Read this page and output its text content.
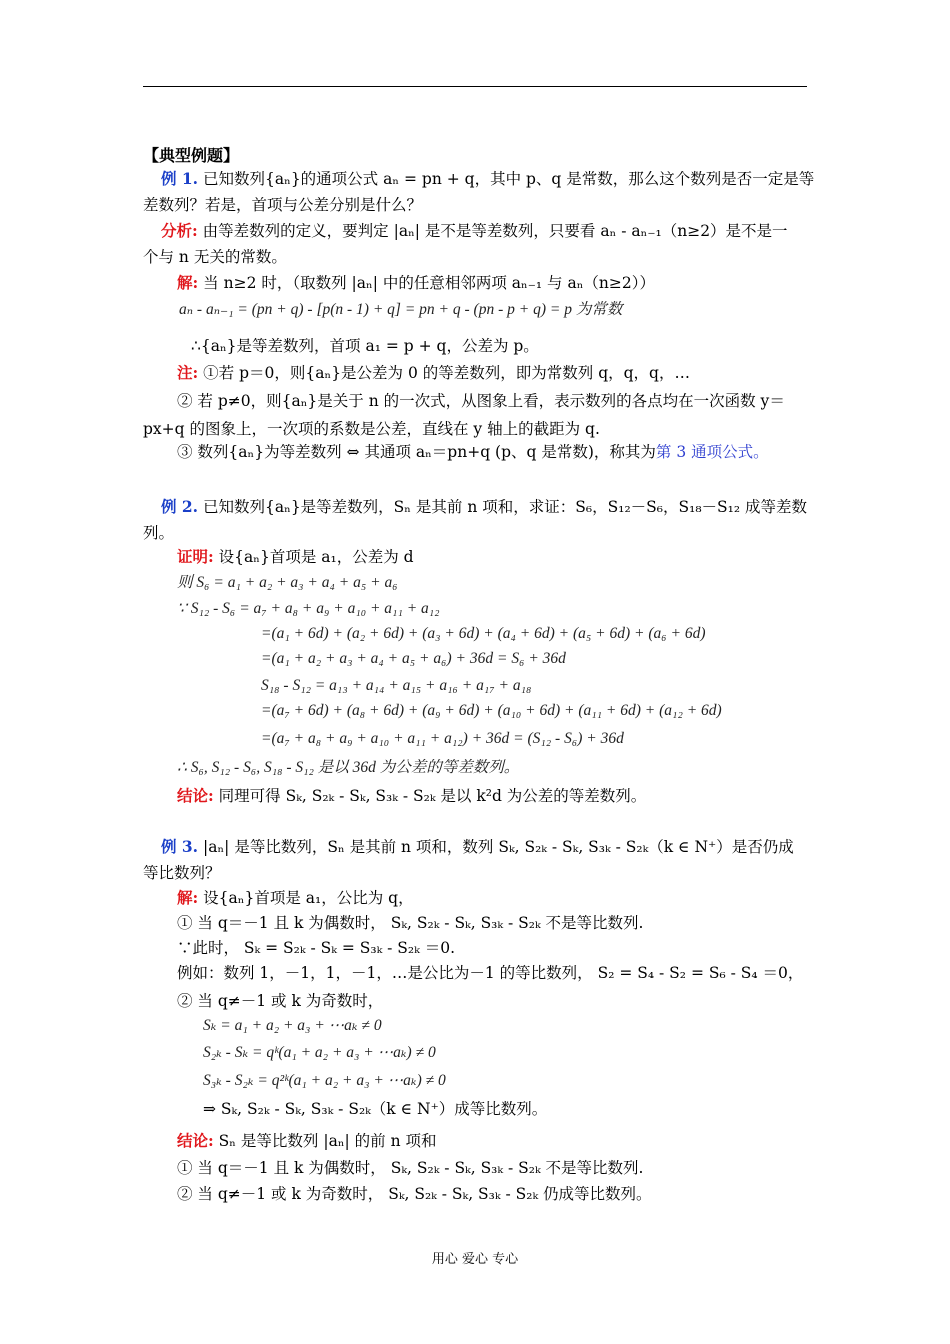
【典型例题】
例 1. 已知数列{aₙ}的通项公式 aₙ = pn + q，其中 p、q 是常数，那么这个数列是否一定是等
差数列？若是，首项与公差分别是什么？
分析: 由等差数列的定义，要判定 |aₙ| 是不是等差数列，只要看 aₙ - aₙ₋₁（n≥2）是不是一
个与 n 无关的常数。
解: 当 n≥2 时，（取数列 |aₙ| 中的任意相邻两项 aₙ₋₁ 与 aₙ（n≥2））
aₙ - aₙ₋₁ = (pn + q) - [p(n - 1) + q] = pn + q - (pn - p + q) = p 为常数
∴{aₙ}是等差数列，首项 a₁ = p + q，公差为 p。
注: ①若 p＝0，则{aₙ}是公差为 0 的等差数列，即为常数列 q，q，q，…
② 若 p≠0，则{aₙ}是关于 n 的一次式，从图象上看，表示数列的各点均在一次函数 y＝
px+q 的图象上，一次项的系数是公差，直线在 y 轴上的截距为 q.
③ 数列{aₙ}为等差数列 ⇔ 其通项 aₙ＝pn+q (p、q 是常数)，称其为第 3 通项公式。
例 2. 已知数列{aₙ}是等差数列，Sₙ 是其前 n 项和，求证：S₆，S₁₂－S₆，S₁₈－S₁₂ 成等差数
列。
证明: 设{aₙ}首项是 a₁，公差为 d
则 S₆ = a₁ + a₂ + a₃ + a₄ + a₅ + a₆
∵ S₁₂ - S₆ = a₇ + a₈ + a₉ + a₁₀ + a₁₁ + a₁₂
=(a₁ + 6d) + (a₂ + 6d) + (a₃ + 6d) + (a₄ + 6d) + (a₅ + 6d) + (a₆ + 6d)
=(a₁ + a₂ + a₃ + a₄ + a₅ + a₆) + 36d = S₆ + 36d
S₁₈ - S₁₂ = a₁₃ + a₁₄ + a₁₅ + a₁₆ + a₁₇ + a₁₈
=(a₇ + 6d) + (a₈ + 6d) + (a₉ + 6d) + (a₁₀ + 6d) + (a₁₁ + 6d) + (a₁₂ + 6d)
=(a₇ + a₈ + a₉ + a₁₀ + a₁₁ + a₁₂) + 36d = (S₁₂ - S₆) + 36d
∴ S₆, S₁₂ - S₆, S₁₈ - S₁₂ 是以 36d 为公差的等差数列。
结论: 同理可得 Sₖ, S₂ₖ - Sₖ, S₃ₖ - S₂ₖ 是以 k²d 为公差的等差数列。
例 3. |aₙ| 是等比数列，Sₙ 是其前 n 项和，数列 Sₖ, S₂ₖ - Sₖ, S₃ₖ - S₂ₖ（k ∈ N⁺）是否仍成
等比数列？
解: 设{aₙ}首项是 a₁，公比为 q，
① 当 q＝－1 且 k 为偶数时， Sₖ, S₂ₖ - Sₖ, S₃ₖ - S₂ₖ 不是等比数列.
∵此时， Sₖ = S₂ₖ - Sₖ = S₃ₖ - S₂ₖ ＝0.
例如：数列 1，－1，1，－1，…是公比为－1 的等比数列， S₂ = S₄ - S₂ = S₆ - S₄ ＝0，
② 当 q≠－1 或 k 为奇数时，
Sₖ = a₁ + a₂ + a₃ + ⋯aₖ ≠ 0
S₂ₖ - Sₖ = qᵏ(a₁ + a₂ + a₃ + ⋯aₖ) ≠ 0
S₃ₖ - S₂ₖ = q²ᵏ(a₁ + a₂ + a₃ + ⋯aₖ) ≠ 0
⇒ Sₖ, S₂ₖ - Sₖ, S₃ₖ - S₂ₖ（k ∈ N⁺）成等比数列。
结论: Sₙ 是等比数列 |aₙ| 的前 n 项和
① 当 q＝－1 且 k 为偶数时， Sₖ, S₂ₖ - Sₖ, S₃ₖ - S₂ₖ 不是等比数列.
② 当 q≠－1 或 k 为奇数时， Sₖ, S₂ₖ - Sₖ, S₃ₖ - S₂ₖ 仍成等比数列。
用心 爱心 专心
